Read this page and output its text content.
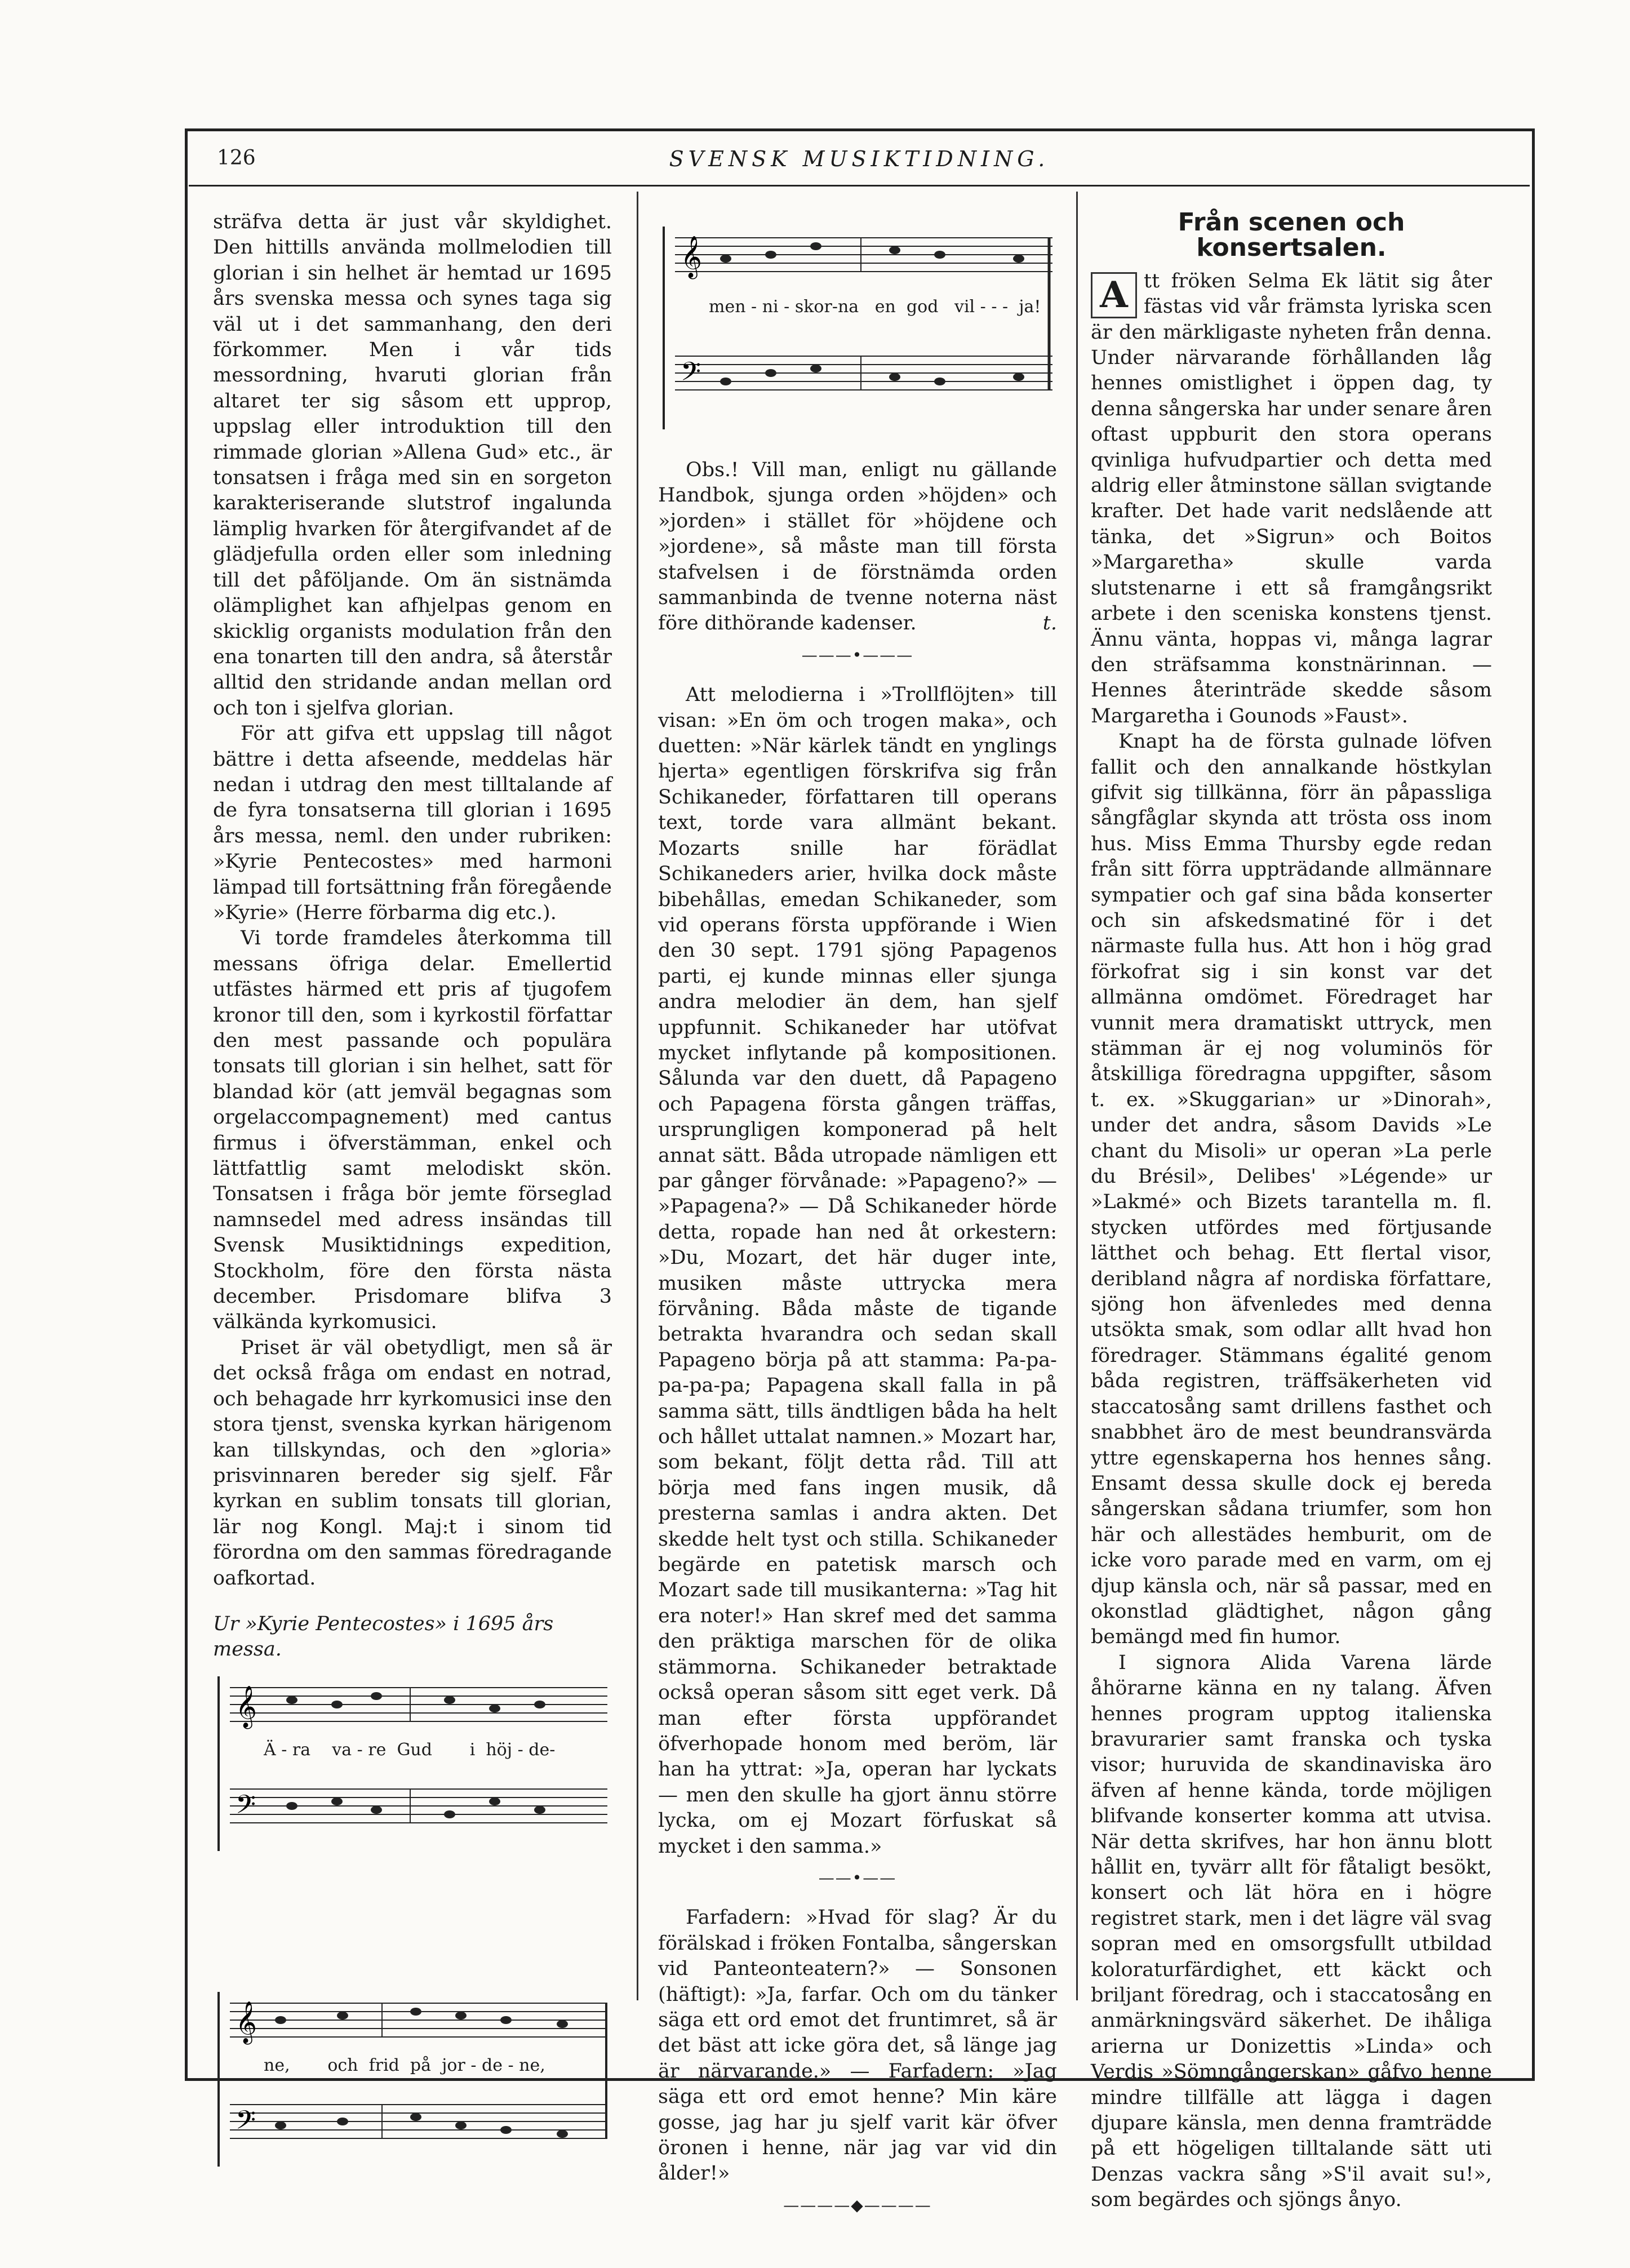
126	SVENSK MUSIKTIDNING.

sträfva detta är just vår skyldighet. Den hittills använda mollmelodien till glorian i sin helhet är hemtad ur 1695 års svenska messa och synes taga sig väl ut i det sammanhang, den deri förkommer. Men i vår tids messordning, hvaruti glorian från altaret ter sig såsom ett upprop, uppslag eller introduktion till den rimmade glorian »Allena Gud» etc., är tonsatsen i fråga med sin en sorgeton karakteriserande slutstrof ingalunda lämplig hvarken för återgifvandet af de glädjefulla orden eller som inledning till det påföljande. Om än sistnämda olämplighet kan afhjelpas genom en skicklig organists modulation från den ena tonarten till den andra, så återstår alltid den stridande andan mellan ord och ton i sjelfva glorian.

För att gifva ett uppslag till något bättre i detta afseende, meddelas här nedan i utdrag den mest tilltalande af de fyra tonsatserna till glorian i 1695 års messa, neml. den under rubriken: »Kyrie Pentecostes» med harmoni lämpad till fortsättning från föregående »Kyrie» (Herre förbarma dig etc.).

Vi torde framdeles återkomma till messans öfriga delar. Emellertid utfästes härmed ett pris af tjugofem kronor till den, som i kyrkostil författar den mest passande och populära tonsats till glorian i sin helhet, satt för blandad kör (att jemväl begagnas som orgelaccompagnement) med cantus firmus i öfverstämman, enkel och lättfattlig samt melodiskt skön. Tonsatsen i fråga bör jemte förseglad namnsedel med adress insändas till Svensk Musiktidnings expedition, Stockholm, före den första nästa december. Prisdomare blifva 3 välkända kyrkomusici.

Priset är väl obetydligt, men så är det också fråga om endast en notrad, och behagade hrr kyrkomusici inse den stora tjenst, svenska kyrkan härigenom kan tillskyndas, och den »gloria» prisvinnaren bereder sig sjelf. Får kyrkan en sublim tonsats till glorian, lär nog Kongl. Maj:t i sinom tid förordna om den sammas föredragande oafkortad.

Ur »Kyrie Pentecostes» i 1695 års messa.

𝄞
𝄢
Ä - ra    va - re  Gud       i  höj - de-
𝄞
𝄢
ne,       och  frid  på  jor - de - ne,
𝄞
𝄢
men - ni - skor-na   en  god   vil - - -  ja!

Obs.! Vill man, enligt nu gällande Handbok, sjunga orden »höjden» och »jorden» i stället för »höjdene och »jordene», så måste man till första stafvelsen i de förstnämda orden sammanbinda de tvenne noterna näst före dithörande kadenser.	t.

———•———

Att melodierna i »Trollflöjten» till visan: »En öm och trogen maka», och duetten: »När kärlek tändt en ynglings hjerta» egentligen förskrifva sig från Schikaneder, författaren till operans text, torde vara allmänt bekant. Mozarts snille har förädlat Schikaneders arier, hvilka dock måste bibehållas, emedan Schikaneder, som vid operans första uppförande i Wien den 30 sept. 1791 sjöng Papagenos parti, ej kunde minnas eller sjunga andra melodier än dem, han sjelf uppfunnit. Schikaneder har utöfvat mycket inflytande på kompositionen. Sålunda var den duett, då Papageno och Papagena första gången träffas, ursprungligen komponerad på helt annat sätt. Båda utropade nämligen ett par gånger förvånade: »Papageno?» — »Papagena?» — Då Schikaneder hörde detta, ropade han ned åt orkestern: »Du, Mozart, det här duger inte, musiken måste uttrycka mera förvåning. Båda måste de tigande betrakta hvarandra och sedan skall Papageno börja på att stamma: Pa-pa-pa-pa-pa; Papagena skall falla in på samma sätt, tills ändtligen båda ha helt och hållet uttalat namnen.» Mozart har, som bekant, följt detta råd. Till att börja med fans ingen musik, då presterna samlas i andra akten. Det skedde helt tyst och stilla. Schikaneder begärde en patetisk marsch och Mozart sade till musikanterna: »Tag hit era noter!» Han skref med det samma den präktiga marschen för de olika stämmorna. Schikaneder betraktade också operan såsom sitt eget verk. Då man efter första uppförandet öfverhopade honom med beröm, lär han ha yttrat: »Ja, operan har lyckats — men den skulle ha gjort ännu större lycka, om ej Mozart förfuskat så mycket i den samma.»

——•——

Farfadern: »Hvad för slag? Är du förälskad i fröken Fontalba, sångerskan vid Panteonteatern?» — Sonsonen (häftigt): »Ja, farfar. Och om du tänker säga ett ord emot det fruntimret, så är det bäst att icke göra det, så länge jag är närvarande.» — Farfadern: »Jag säga ett ord emot henne? Min käre gosse, jag har ju sjelf varit kär öfver öronen i henne, när jag var vid din ålder!»

————◆————
Från scenen och konsertsalen.

A tt fröken Selma Ek lätit sig åter fästas vid vår främsta lyriska scen är den märkligaste nyheten från denna. Under närvarande förhållanden låg hennes omistlighet i öppen dag, ty denna sångerska har under senare åren oftast uppburit den stora operans qvinliga hufvudpartier och detta med aldrig eller åtminstone sällan svigtande krafter. Det hade varit nedslående att tänka, det »Sigrun» och Boitos »Margaretha» skulle varda slutstenarne i ett så framgångsrikt arbete i den sceniska konstens tjenst. Ännu vänta, hoppas vi, många lagrar den sträfsamma konstnärinnan. — Hennes återinträde skedde såsom Margaretha i Gounods »Faust».

Knapt ha de första gulnade löfven fallit och den annalkande höstkylan gifvit sig tillkänna, förr än påpassliga sångfåglar skynda att trösta oss inom hus. Miss Emma Thursby egde redan från sitt förra uppträdande allmännare sympatier och gaf sina båda konserter och sin afskedsmatiné för i det närmaste fulla hus. Att hon i hög grad förkofrat sig i sin konst var det allmänna omdömet. Föredraget har vunnit mera dramatiskt uttryck, men stämman är ej nog voluminös för åtskilliga föredragna uppgifter, såsom t. ex. »Skuggarian» ur »Dinorah», under det andra, såsom Davids »Le chant du Misoli» ur operan »La perle du Brésil», Delibes' »Légende» ur »Lakmé» och Bizets tarantella m. fl. stycken utfördes med förtjusande lätthet och behag. Ett flertal visor, deribland några af nordiska författare, sjöng hon äfvenledes med denna utsökta smak, som odlar allt hvad hon föredrager. Stämmans égalité genom båda registren, träffsäkerheten vid staccatosång samt drillens fasthet och snabbhet äro de mest beundransvärda yttre egenskaperna hos hennes sång. Ensamt dessa skulle dock ej bereda sångerskan sådana triumfer, som hon här och allestädes hemburit, om de icke voro parade med en varm, om ej djup känsla och, när så passar, med en okonstlad glädtighet, någon gång bemängd med fin humor.

I signora Alida Varena lärde åhörarne känna en ny talang. Äfven hennes program upptog italienska bravurarier samt franska och tyska visor; huruvida de skandinaviska äro äfven af henne kända, torde möjligen blifvande konserter komma att utvisa. När detta skrifves, har hon ännu blott hållit en, tyvärr allt för fåtaligt besökt, konsert och lät höra en i högre registret stark, men i det lägre väl svag sopran med en omsorgsfullt utbildad koloraturfärdighet, ett käckt och briljant föredrag, och i staccatosång en anmärkningsvärd säkerhet. De ihåliga arierna ur Donizettis »Linda» och Verdis »Sömngångerskan» gåfvo henne mindre tillfälle att lägga i dagen djupare känsla, men denna framträdde på ett högeligen tilltalande sätt uti Denzas vackra sång »S'il avait su!», som begärdes och sjöngs ånyo.
